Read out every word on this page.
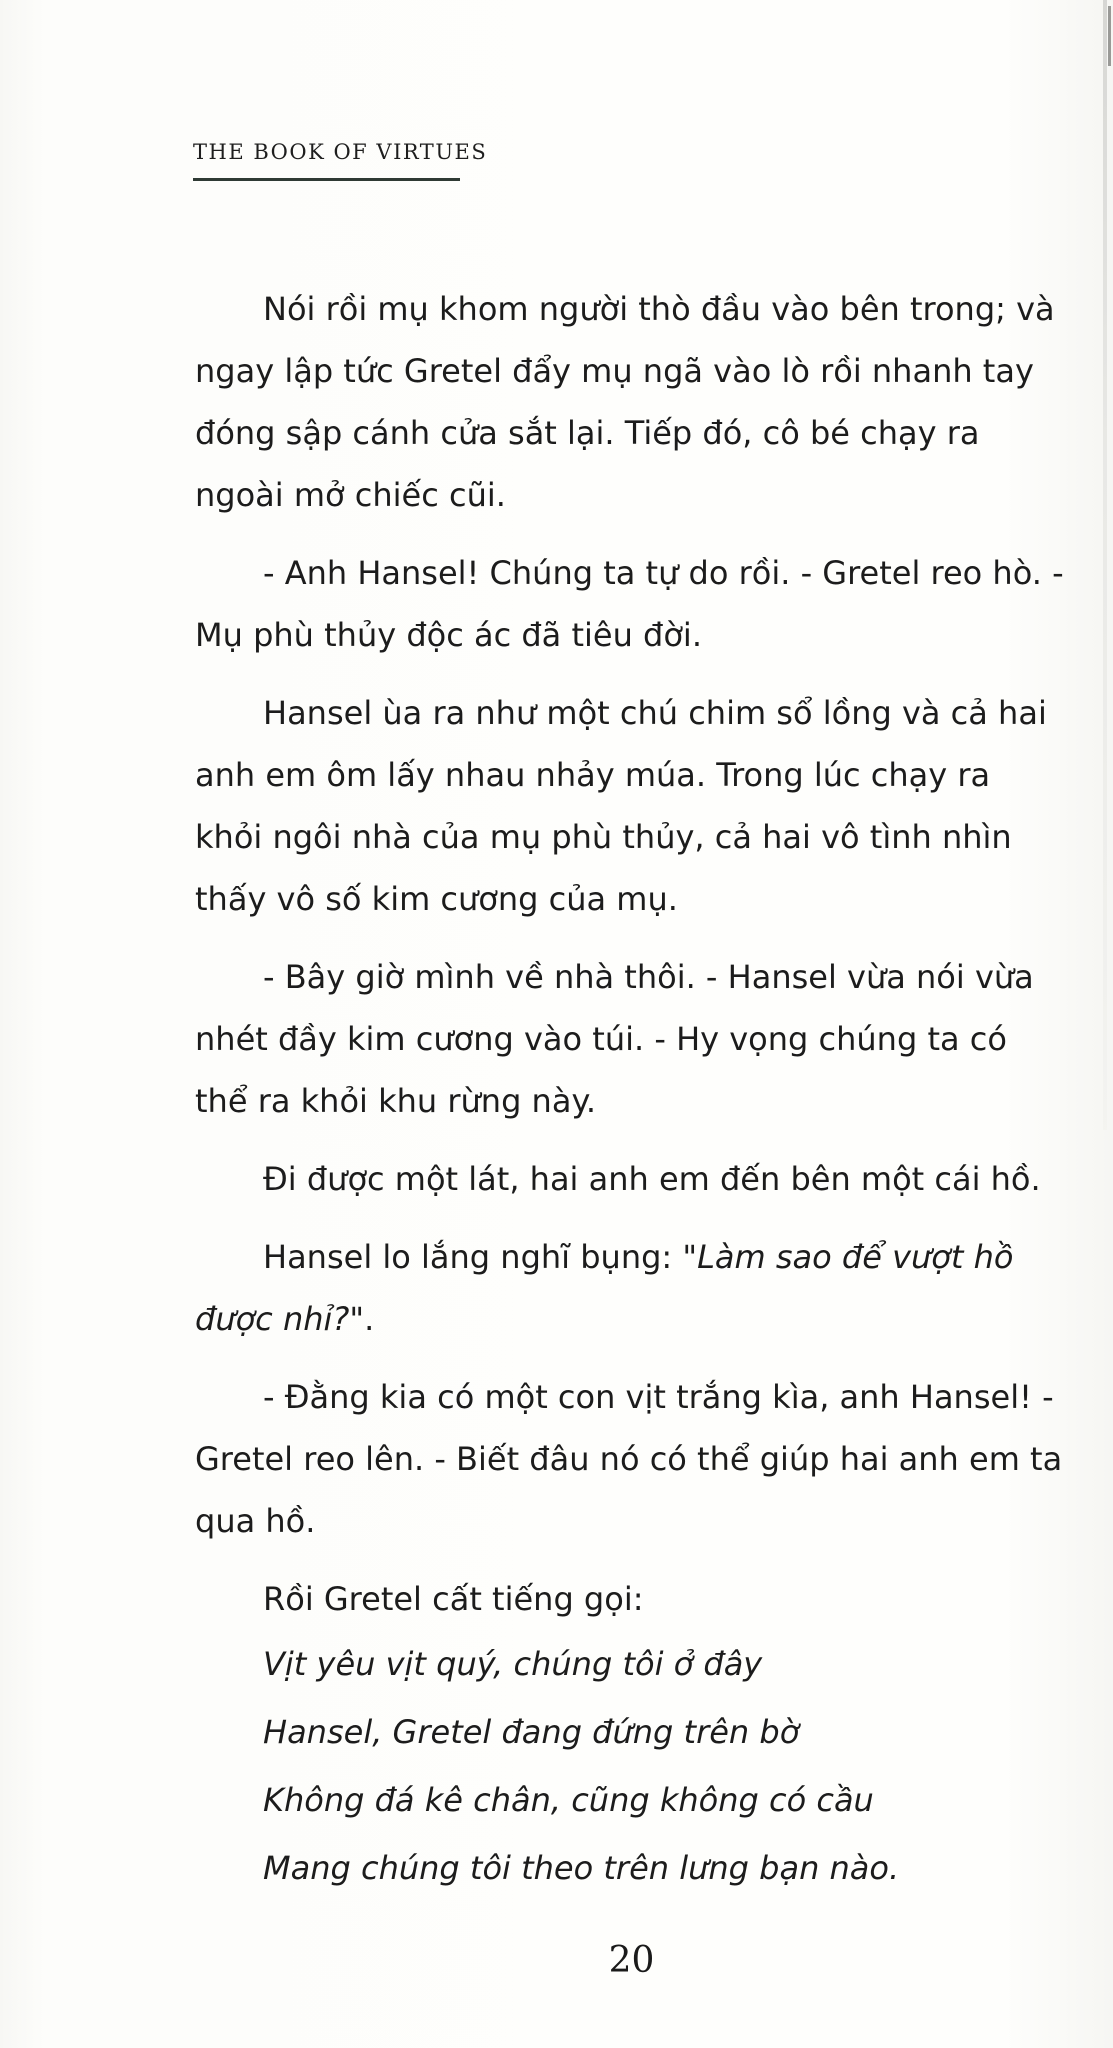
THE BOOK OF VIRTUES

Nói rồi mụ khom người thò đầu vào bên trong; và ngay lập tức Gretel đẩy mụ ngã vào lò rồi nhanh tay đóng sập cánh cửa sắt lại. Tiếp đó, cô bé chạy ra ngoài mở chiếc cũi.

- Anh Hansel! Chúng ta tự do rồi. - Gretel reo hò. - Mụ phù thủy độc ác đã tiêu đời.

Hansel ùa ra như một chú chim sổ lồng và cả hai anh em ôm lấy nhau nhảy múa. Trong lúc chạy ra khỏi ngôi nhà của mụ phù thủy, cả hai vô tình nhìn thấy vô số kim cương của mụ.

- Bây giờ mình về nhà thôi. - Hansel vừa nói vừa nhét đầy kim cương vào túi. - Hy vọng chúng ta có thể ra khỏi khu rừng này.

Đi được một lát, hai anh em đến bên một cái hồ.

Hansel lo lắng nghĩ bụng: "Làm sao để vượt hồ được nhỉ?".

- Đằng kia có một con vịt trắng kìa, anh Hansel! - Gretel reo lên. - Biết đâu nó có thể giúp hai anh em ta qua hồ.

Rồi Gretel cất tiếng gọi:

Vịt yêu vịt quý, chúng tôi ở đây
Hansel, Gretel đang đứng trên bờ
Không đá kê chân, cũng không có cầu
Mang chúng tôi theo trên lưng bạn nào.
20
